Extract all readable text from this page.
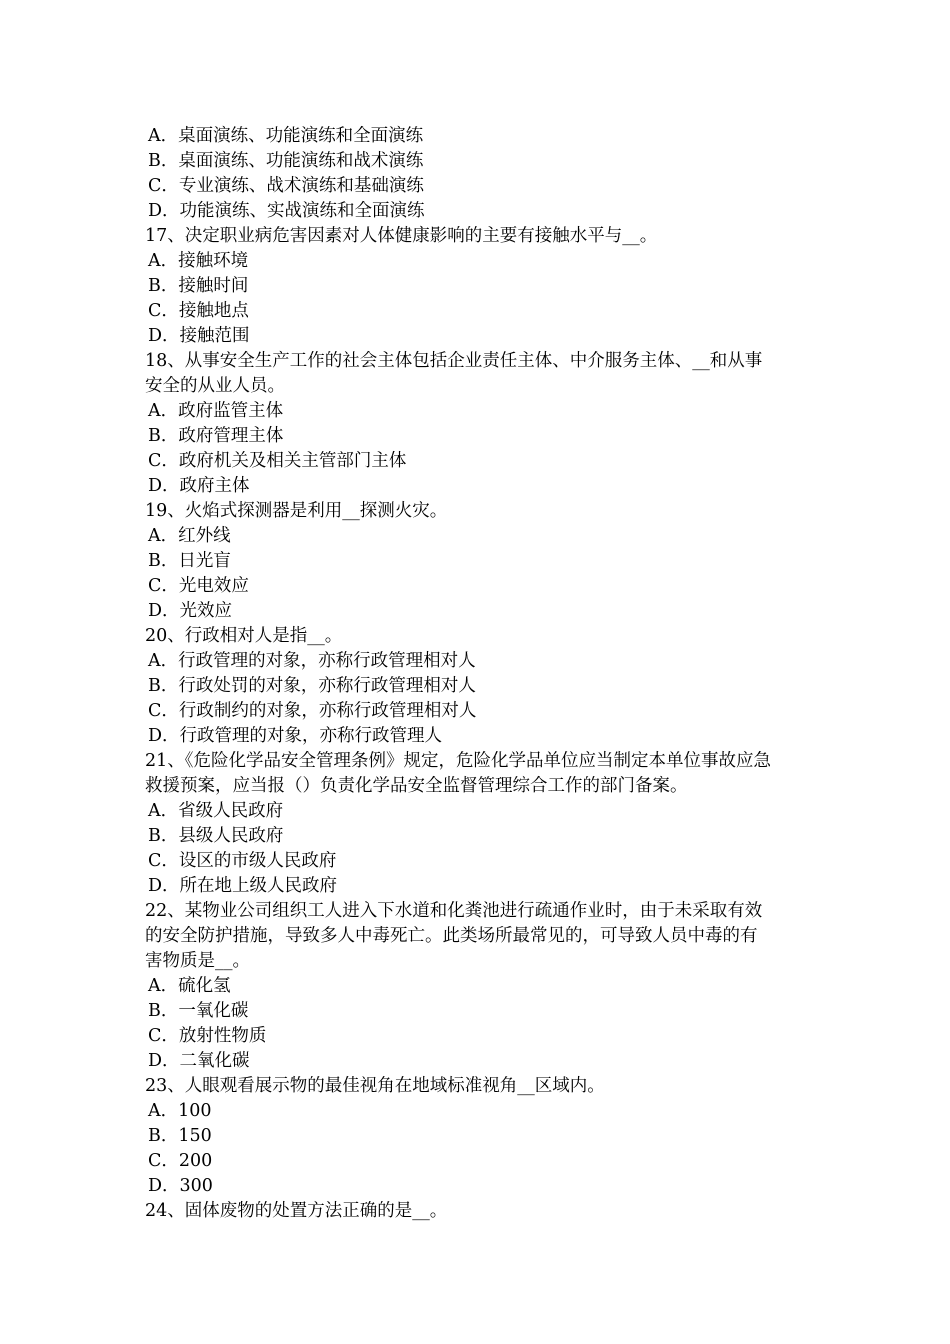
A．桌面演练、功能演练和全面演练
B．桌面演练、功能演练和战术演练
C．专业演练、战术演练和基础演练
D．功能演练、实战演练和全面演练
17、决定职业病危害因素对人体健康影响的主要有接触水平与__。
A．接触环境
B．接触时间
C．接触地点
D．接触范围
18、从事安全生产工作的社会主体包括企业责任主体、中介服务主体、__和从事
安全的从业人员。
A．政府监管主体
B．政府管理主体
C．政府机关及相关主管部门主体
D．政府主体
19、火焰式探测器是利用__探测火灾。
A．红外线
B．日光盲
C．光电效应
D．光效应
20、行政相对人是指__。
A．行政管理的对象，亦称行政管理相对人
B．行政处罚的对象，亦称行政管理相对人
C．行政制约的对象，亦称行政管理相对人
D．行政管理的对象，亦称行政管理人
21、《危险化学品安全管理条例》规定，危险化学品单位应当制定本单位事故应急
救援预案，应当报（）负责化学品安全监督管理综合工作的部门备案。
A．省级人民政府
B．县级人民政府
C．设区的市级人民政府
D．所在地上级人民政府
22、某物业公司组织工人进入下水道和化粪池进行疏通作业时，由于未采取有效
的安全防护措施，导致多人中毒死亡。此类场所最常见的，可导致人员中毒的有
害物质是__。
A．硫化氢
B．一氧化碳
C．放射性物质
D．二氧化碳
23、人眼观看展示物的最佳视角在地域标准视角__区域内。
A．100
B．150
C．200
D．300
24、固体废物的处置方法正确的是__。
